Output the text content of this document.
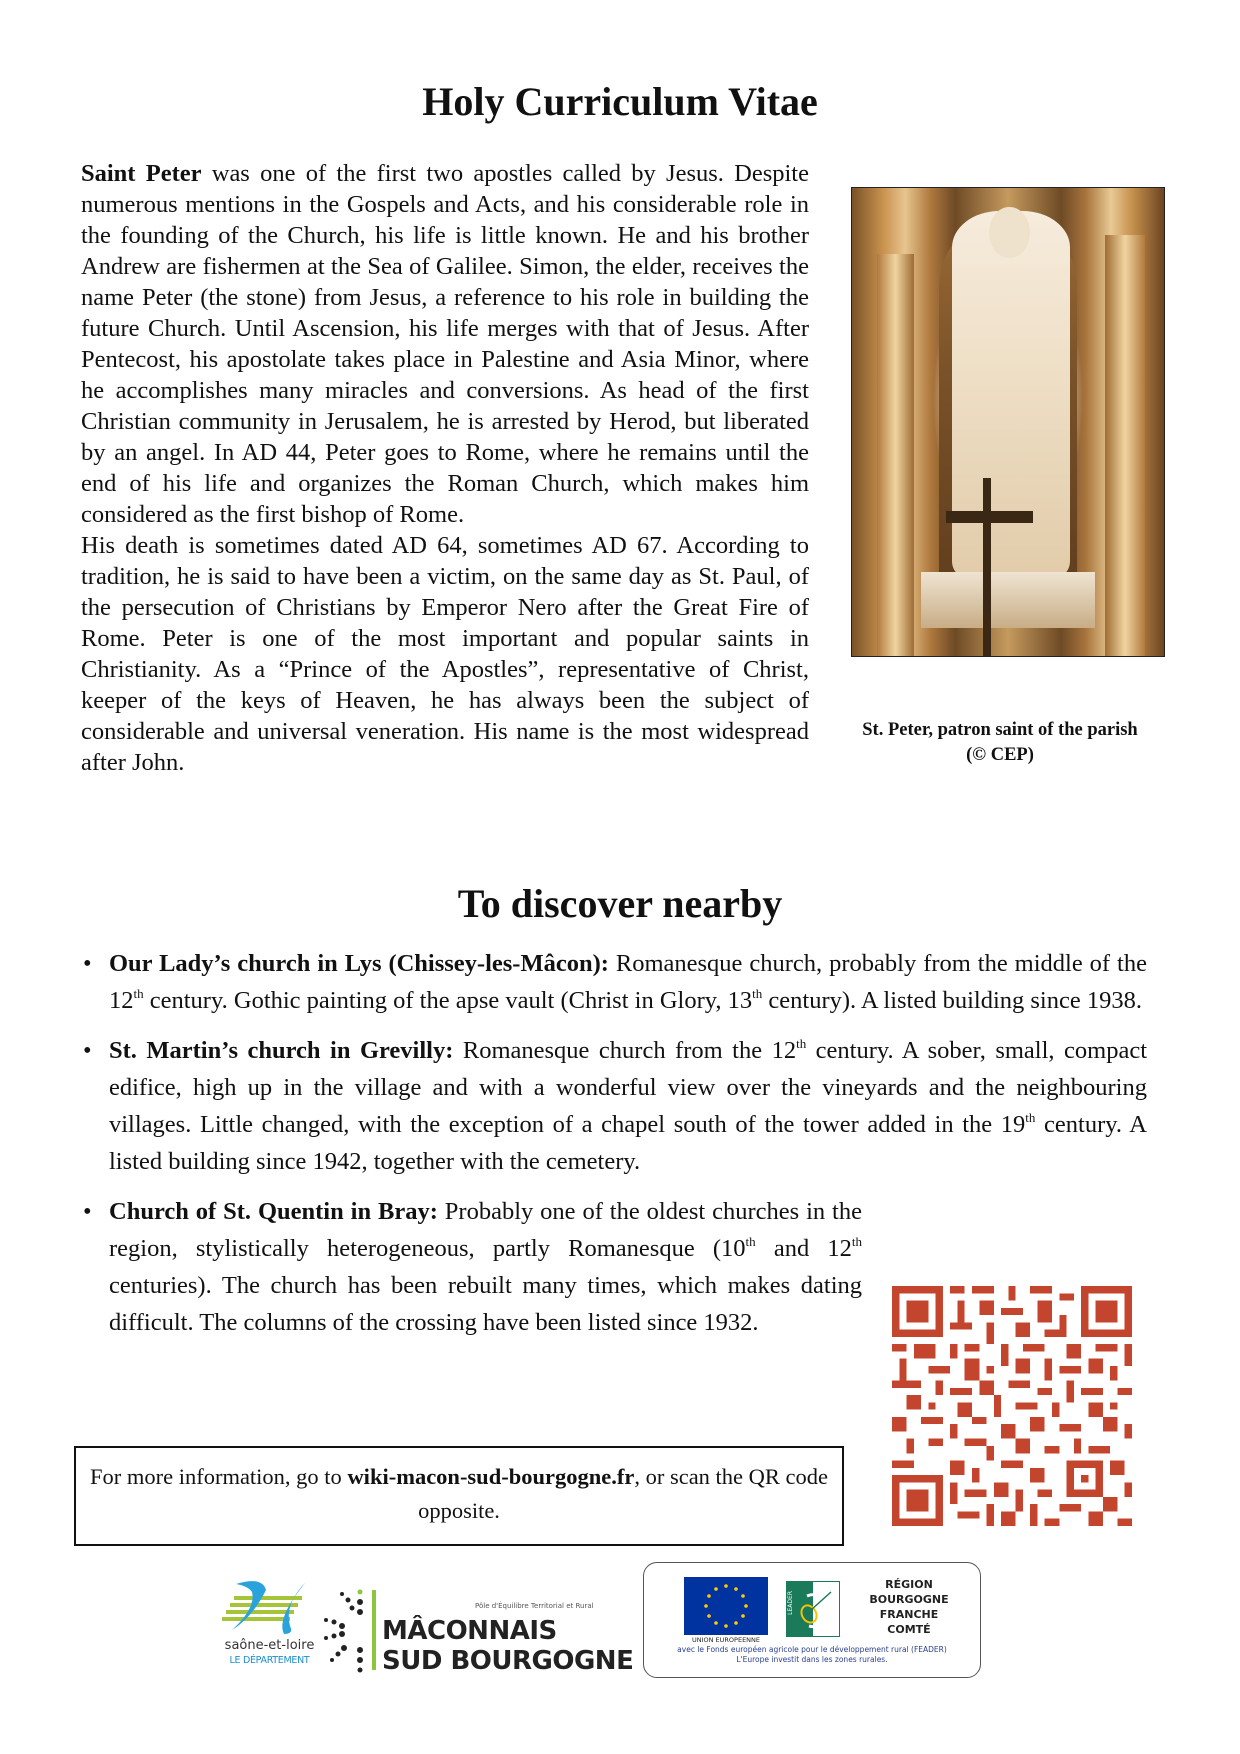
Holy Curriculum Vitae

Saint Peter was one of the first two apostles called by Jesus. Despite numerous mentions in the Gospels and Acts, and his considerable role in the founding of the Church, his life is little known. He and his brother Andrew are fishermen at the Sea of Galilee. Simon, the elder, receives the name Peter (the stone) from Jesus, a reference to his role in building the future Church. Until Ascension, his life merges with that of Jesus. After Pentecost, his apostolate takes place in Palestine and Asia Minor, where he accomplishes many miracles and conversions. As head of the first Christian community in Jerusalem, he is arrested by Herod, but liberated by an angel. In AD 44, Peter goes to Rome, where he remains until the end of his life and organizes the Roman Church, which makes him considered as the first bishop of Rome.

His death is sometimes dated AD 64, sometimes AD 67. According to tradition, he is said to have been a victim, on the same day as St. Paul, of the persecution of Christians by Emperor Nero after the Great Fire of Rome. Peter is one of the most important and popular saints in Christianity. As a “Prince of the Apostles”, representative of Christ, keeper of the keys of Heaven, he has always been the subject of considerable and universal veneration. His name is the most widespread after John.

St. Peter, patron saint of the parish
(© CEP)
To discover nearby
• Our Lady’s church in Lys (Chissey-les-Mâcon): Romanesque church, probably from the middle of the 12th century. Gothic painting of the apse vault (Christ in Glory, 13th century). A listed building since 1938.
• St. Martin’s church in Grevilly: Romanesque church from the 12th century. A sober, small, compact edifice, high up in the village and with a wonderful view over the vineyards and the neighbouring villages. Little changed, with the exception of a chapel south of the tower added in the 19th century. A listed building since 1942, together with the cemetery.
• Church of St. Quentin in Bray: Probably one of the oldest churches in the region, stylistically heterogeneous, partly Romanesque (10th and 12th centuries). The church has been rebuilt many times, which makes dating difficult. The columns of the crossing have been listed since 1932.
For more information, go to wiki-macon-sud-bourgogne.fr, or scan the QR code opposite.
saône-et-loire
LE DÉPARTEMENT
Pôle d'Équilibre Territorial et Rural
MÂCONNAIS
SUD BOURGOGNE
UNION EUROPEENNE
LEADER
RÉGION
BOURGOGNE
FRANCHE
COMTÉ
avec le Fonds européen agricole pour le développement rural (FEADER)
L'Europe investit dans les zones rurales.
